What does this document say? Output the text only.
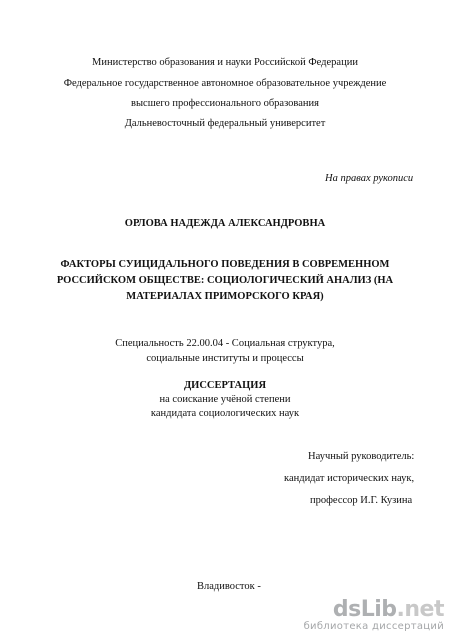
Министерство образования и науки Российской Федерации
Федеральное государственное автономное образовательное учреждение
высшего профессионального образования
Дальневосточный федеральный университет
На правах рукописи
ОРЛОВА НАДЕЖДА АЛЕКСАНДРОВНА
ФАКТОРЫ СУИЦИДАЛЬНОГО ПОВЕДЕНИЯ В СОВРЕМЕННОМ
РОССИЙСКОМ ОБЩЕСТВЕ: СОЦИОЛОГИЧЕСКИЙ АНАЛИЗ (НА
МАТЕРИАЛАХ ПРИМОРСКОГО КРАЯ)
Специальность 22.00.04 - Социальная структура,
социальные институты и процессы
ДИССЕРТАЦИЯ
на соискание учёной степени
кандидата социологических наук
Научный руководитель:
кандидат исторических наук,
профессор И.Г. Кузина
Владивосток -
dsLib.net
библиотека диссертаций
